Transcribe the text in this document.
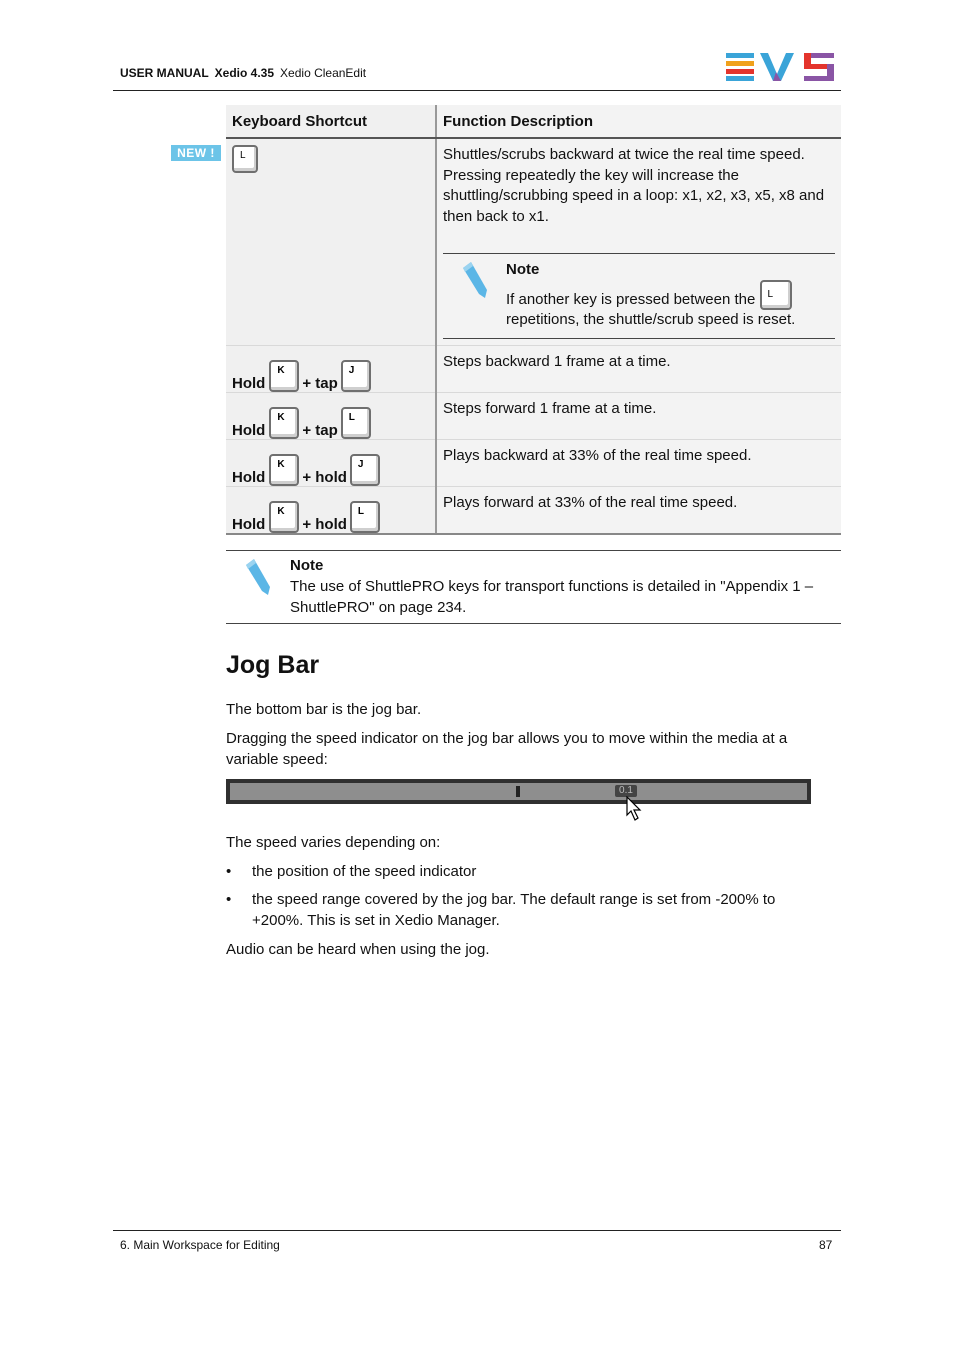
USER MANUAL Xedio 4.35 Xedio CleanEdit
NEW !
Keyboard Shortcut	Function Description

L	Shuttles/scrubs backward at twice the real time speed. Pressing repeatedly the key will increase the shuttling/scrubbing speed in a loop: x1, x2, x3, x5, x8 and then back to x1.
Note
If another key is pressed between the L

repetitions, the shuttle/scrub speed is reset.

Hold
K
+ tap
J	Steps backward 1 frame at a time.

Hold
K
+ tap
L	Steps forward 1 frame at a time.

Hold
K
+ hold
J	Plays backward at 33% of the real time speed.

Hold
K
+ hold
L	Plays forward at 33% of the real time speed.
Note
The use of ShuttlePRO keys for transport functions is detailed in "Appendix 1 – ShuttlePRO" on page 234.
Jog Bar
The bottom bar is the jog bar.
Dragging the speed indicator on the jog bar allows you to move within the media at a variable speed:
0.1
The speed varies depending on:
• the position of the speed indicator
• the speed range covered by the jog bar. The default range is set from -200% to +200%. This is set in Xedio Manager.
Audio can be heard when using the jog.
6. Main Workspace for Editing	87
